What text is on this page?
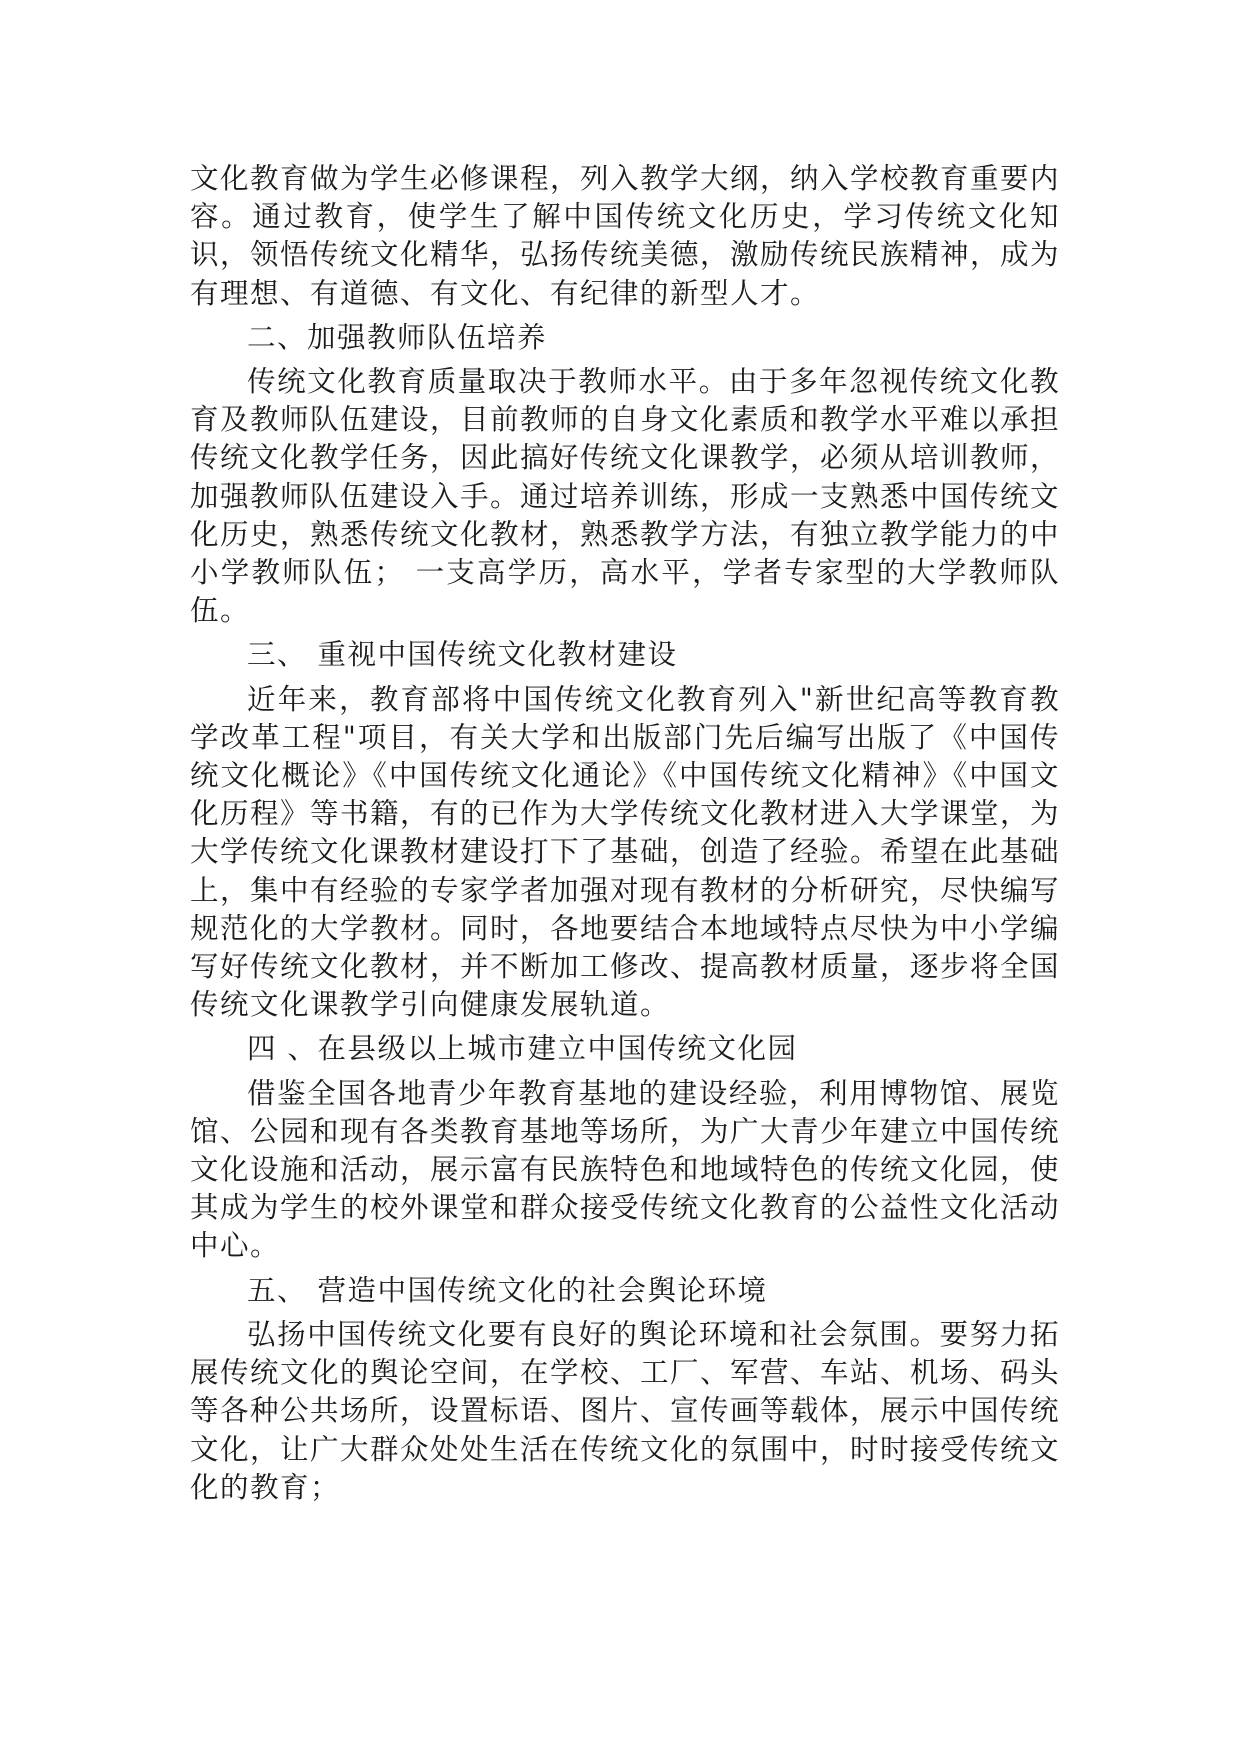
文化教育做为学生必修课程，列入教学大纲，纳入学校教育重要内容。通过教育，使学生了解中国传统文化历史，学习传统文化知识，领悟传统文化精华，弘扬传统美德，激励传统民族精神，成为有理想、有道德、有文化、有纪律的新型人才。

二、加强教师队伍培养

传统文化教育质量取决于教师水平。由于多年忽视传统文化教育及教师队伍建设，目前教师的自身文化素质和教学水平难以承担传统文化教学任务，因此搞好传统文化课教学，必须从培训教师，加强教师队伍建设入手。通过培养训练，形成一支熟悉中国传统文化历史，熟悉传统文化教材，熟悉教学方法，有独立教学能力的中小学教师队伍； 一支高学历，高水平，学者专家型的大学教师队伍。

三、 重视中国传统文化教材建设

近年来，教育部将中国传统文化教育列入"新世纪高等教育教学改革工程"项目，有关大学和出版部门先后编写出版了《中国传统文化概论》《中国传统文化通论》《中国传统文化精神》《中国文化历程》等书籍，有的已作为大学传统文化教材进入大学课堂，为大学传统文化课教材建设打下了基础，创造了经验。希望在此基础上，集中有经验的专家学者加强对现有教材的分析研究，尽快编写规范化的大学教材。同时，各地要结合本地域特点尽快为中小学编写好传统文化教材，并不断加工修改、提高教材质量，逐步将全国传统文化课教学引向健康发展轨道。

四 、在县级以上城市建立中国传统文化园

借鉴全国各地青少年教育基地的建设经验，利用博物馆、展览馆、公园和现有各类教育基地等场所，为广大青少年建立中国传统文化设施和活动，展示富有民族特色和地域特色的传统文化园，使其成为学生的校外课堂和群众接受传统文化教育的公益性文化活动中心。

五、 营造中国传统文化的社会舆论环境

弘扬中国传统文化要有良好的舆论环境和社会氛围。要努力拓展传统文化的舆论空间，在学校、工厂、军营、车站、机场、码头等各种公共场所，设置标语、图片、宣传画等载体，展示中国传统文化，让广大群众处处生活在传统文化的氛围中，时时接受传统文化的教育；
